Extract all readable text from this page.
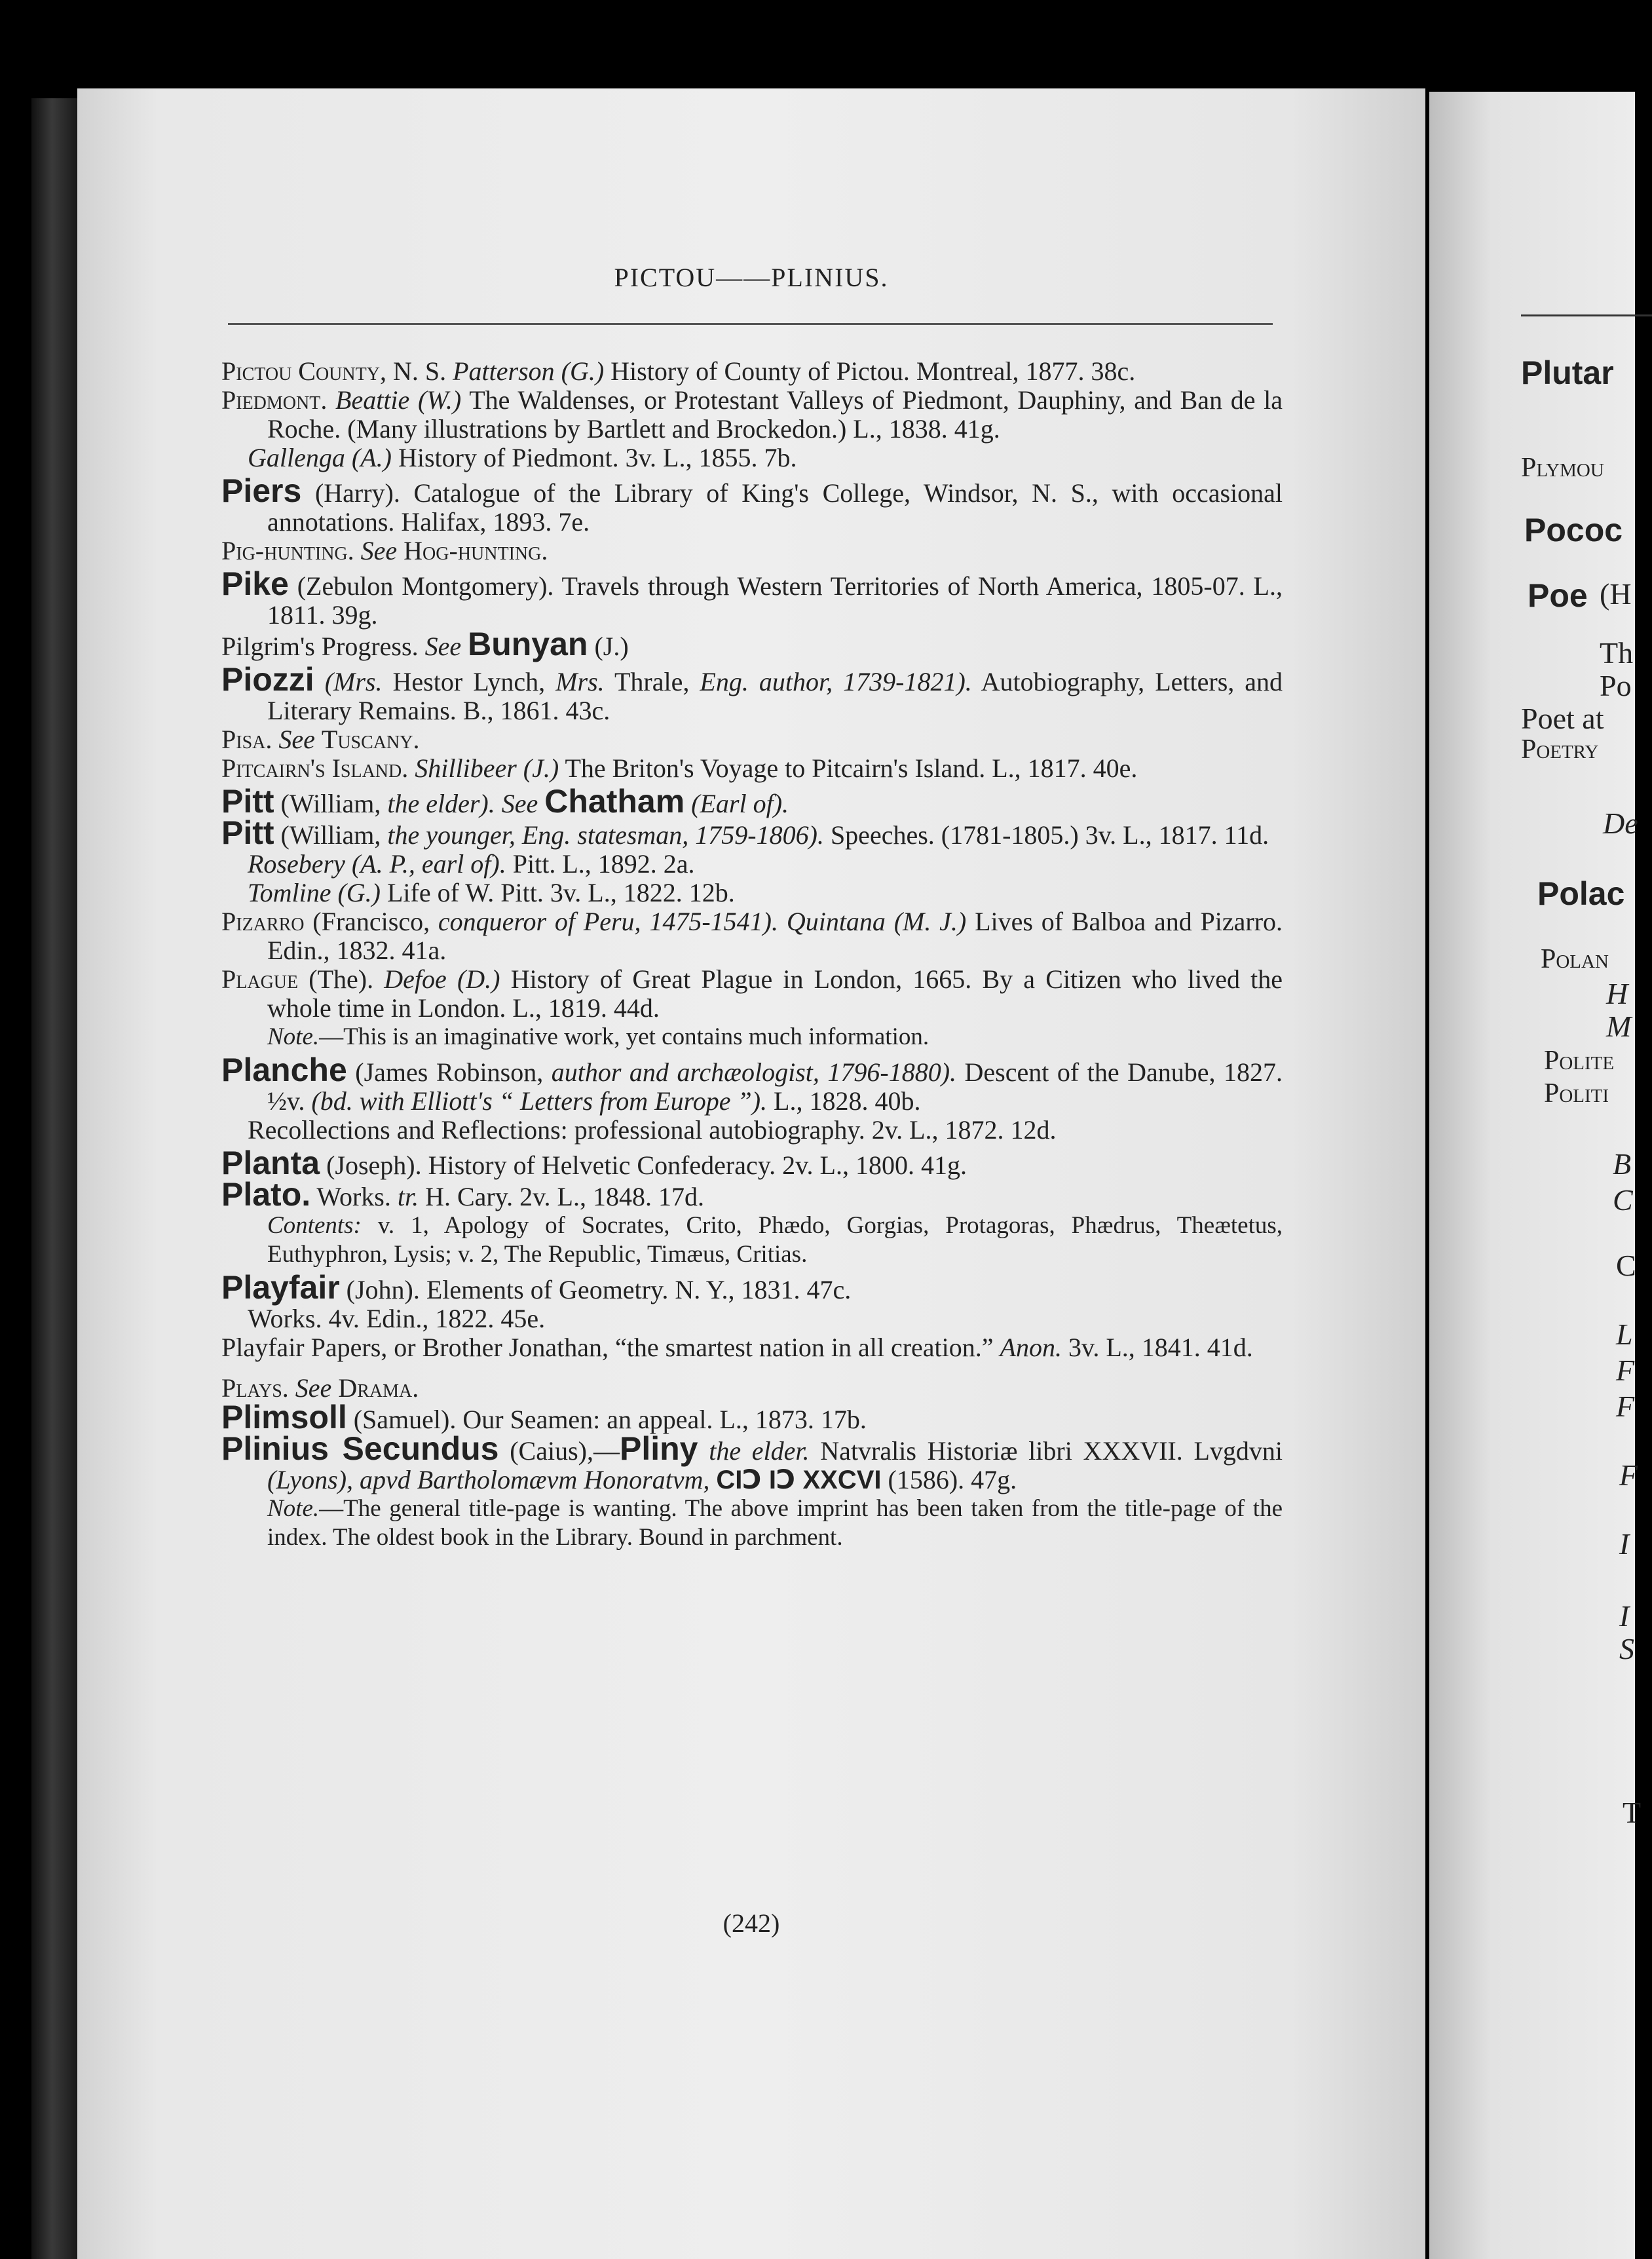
Plutar
Plymou
Pococ
Poe (H
Th
Po
Poet at
Poetry
De
Polac
Polan
H
M
Polite
Politi
B
C
C
L
F
F
F
I
I
S
T
PICTOU——PLINIUS.

Pictou County, N. S. Patterson (G.) History of County of Pictou. Montreal, 1877. 38c.

Piedmont. Beattie (W.) The Waldenses, or Protestant Valleys of Piedmont, Dauphiny, and Ban de la Roche. (Many illustrations by Bartlett and Brockedon.) L., 1838. 41g.

Gallenga (A.) History of Piedmont. 3v. L., 1855. 7b.

Piers (Harry). Catalogue of the Library of King's College, Windsor, N. S., with occasional annotations. Halifax, 1893. 7e.

Pig-hunting. See Hog-hunting.

Pike (Zebulon Montgomery). Travels through Western Territories of North America, 1805-07. L., 1811. 39g.

Pilgrim's Progress. See Bunyan (J.)

Piozzi (Mrs. Hestor Lynch, Mrs. Thrale, Eng. author, 1739-1821). Autobiography, Letters, and Literary Remains. B., 1861. 43c.

Pisa. See Tuscany.

Pitcairn's Island. Shillibeer (J.) The Briton's Voyage to Pitcairn's Island. L., 1817. 40e.

Pitt (William, the elder). See Chatham (Earl of).

Pitt (William, the younger, Eng. statesman, 1759-1806). Speeches. (1781-1805.) 3v. L., 1817. 11d.

Rosebery (A. P., earl of). Pitt. L., 1892. 2a.

Tomline (G.) Life of W. Pitt. 3v. L., 1822. 12b.

Pizarro (Francisco, conqueror of Peru, 1475-1541). Quintana (M. J.) Lives of Balboa and Pizarro. Edin., 1832. 41a.

Plague (The). Defoe (D.) History of Great Plague in London, 1665. By a Citizen who lived the whole time in London. L., 1819. 44d.

Note.—This is an imaginative work, yet contains much information.

Planche (James Robinson, author and archæologist, 1796-1880). Descent of the Danube, 1827. ½v. (bd. with Elliott's “ Letters from Europe ”). L., 1828. 40b.

Recollections and Reflections: professional autobiography. 2v. L., 1872. 12d.

Planta (Joseph). History of Helvetic Confederacy. 2v. L., 1800. 41g.

Plato. Works. tr. H. Cary. 2v. L., 1848. 17d.

Contents: v. 1, Apology of Socrates, Crito, Phædo, Gorgias, Protagoras, Phædrus, Theætetus, Euthyphron, Lysis; v. 2, The Republic, Timæus, Critias.

Playfair (John). Elements of Geometry. N. Y., 1831. 47c.

Works. 4v. Edin., 1822. 45e.

Playfair Papers, or Brother Jonathan, “the smartest nation in all creation.” Anon. 3v. L., 1841. 41d.

Plays. See Drama.

Plimsoll (Samuel). Our Seamen: an appeal. L., 1873. 17b.

Plinius Secundus (Caius),—Pliny the elder. Natvralis Historiæ libri XXXVII. Lvgdvni (Lyons), apvd Bartholomævm Honoratvm, CIↃ IↃ XXCVI (1586). 47g.

Note.—The general title-page is wanting. The above imprint has been taken from the title-page of the index. The oldest book in the Library. Bound in parchment.

(242)
